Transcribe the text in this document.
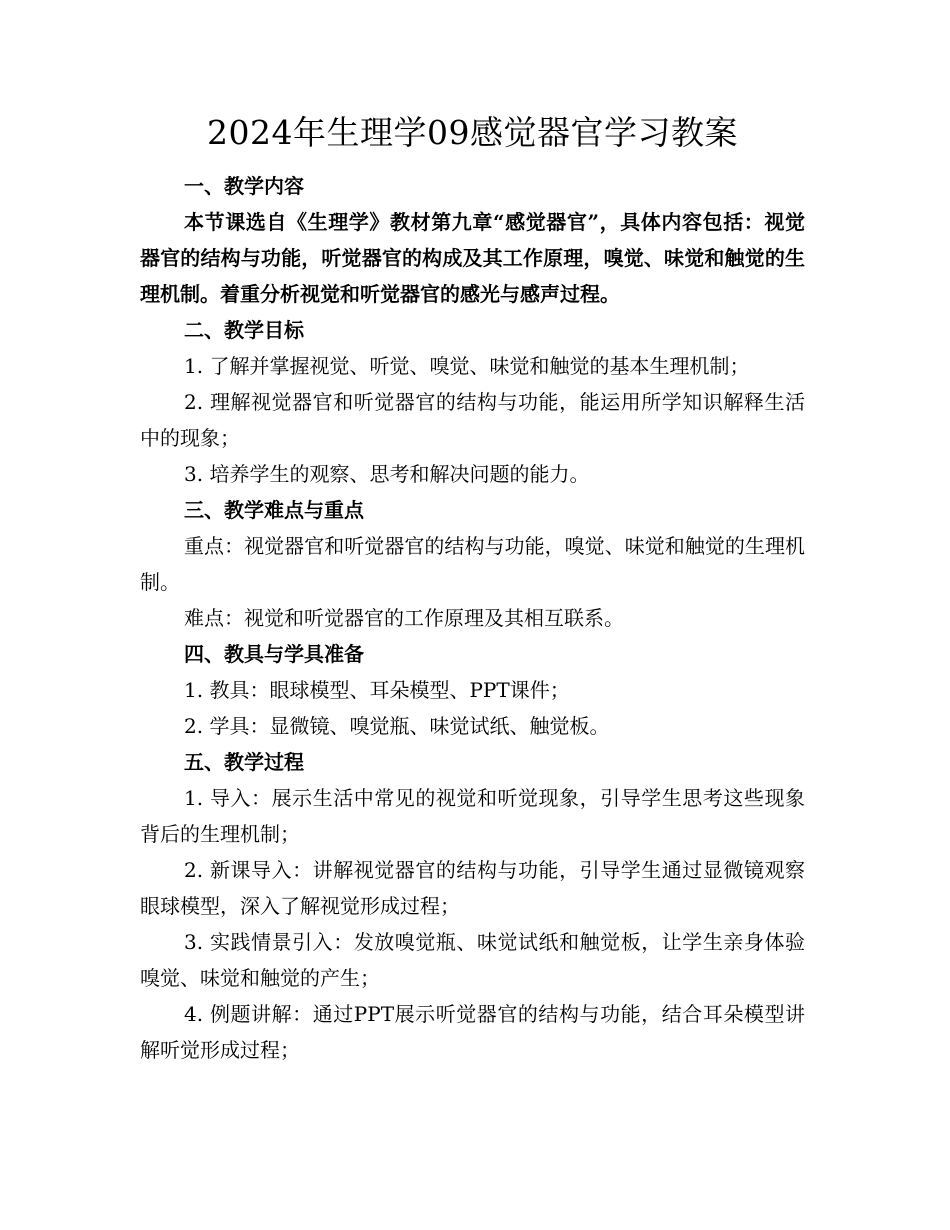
2024年生理学09感觉器官学习教案

一、教学内容

本节课选自《生理学》教材第九章“感觉器官”，具体内容包括：视觉器官的结构与功能，听觉器官的构成及其工作原理，嗅觉、味觉和触觉的生理机制。着重分析视觉和听觉器官的感光与感声过程。

二、教学目标

1. 了解并掌握视觉、听觉、嗅觉、味觉和触觉的基本生理机制；

2. 理解视觉器官和听觉器官的结构与功能，能运用所学知识解释生活中的现象；

3. 培养学生的观察、思考和解决问题的能力。

三、教学难点与重点

重点：视觉器官和听觉器官的结构与功能，嗅觉、味觉和触觉的生理机制。

难点：视觉和听觉器官的工作原理及其相互联系。

四、教具与学具准备

1. 教具：眼球模型、耳朵模型、PPT课件；

2. 学具：显微镜、嗅觉瓶、味觉试纸、触觉板。

五、教学过程

1. 导入：展示生活中常见的视觉和听觉现象，引导学生思考这些现象背后的生理机制；

2. 新课导入：讲解视觉器官的结构与功能，引导学生通过显微镜观察眼球模型，深入了解视觉形成过程；

3. 实践情景引入：发放嗅觉瓶、味觉试纸和触觉板，让学生亲身体验嗅觉、味觉和触觉的产生；

4. 例题讲解：通过PPT展示听觉器官的结构与功能，结合耳朵模型讲解听觉形成过程；
